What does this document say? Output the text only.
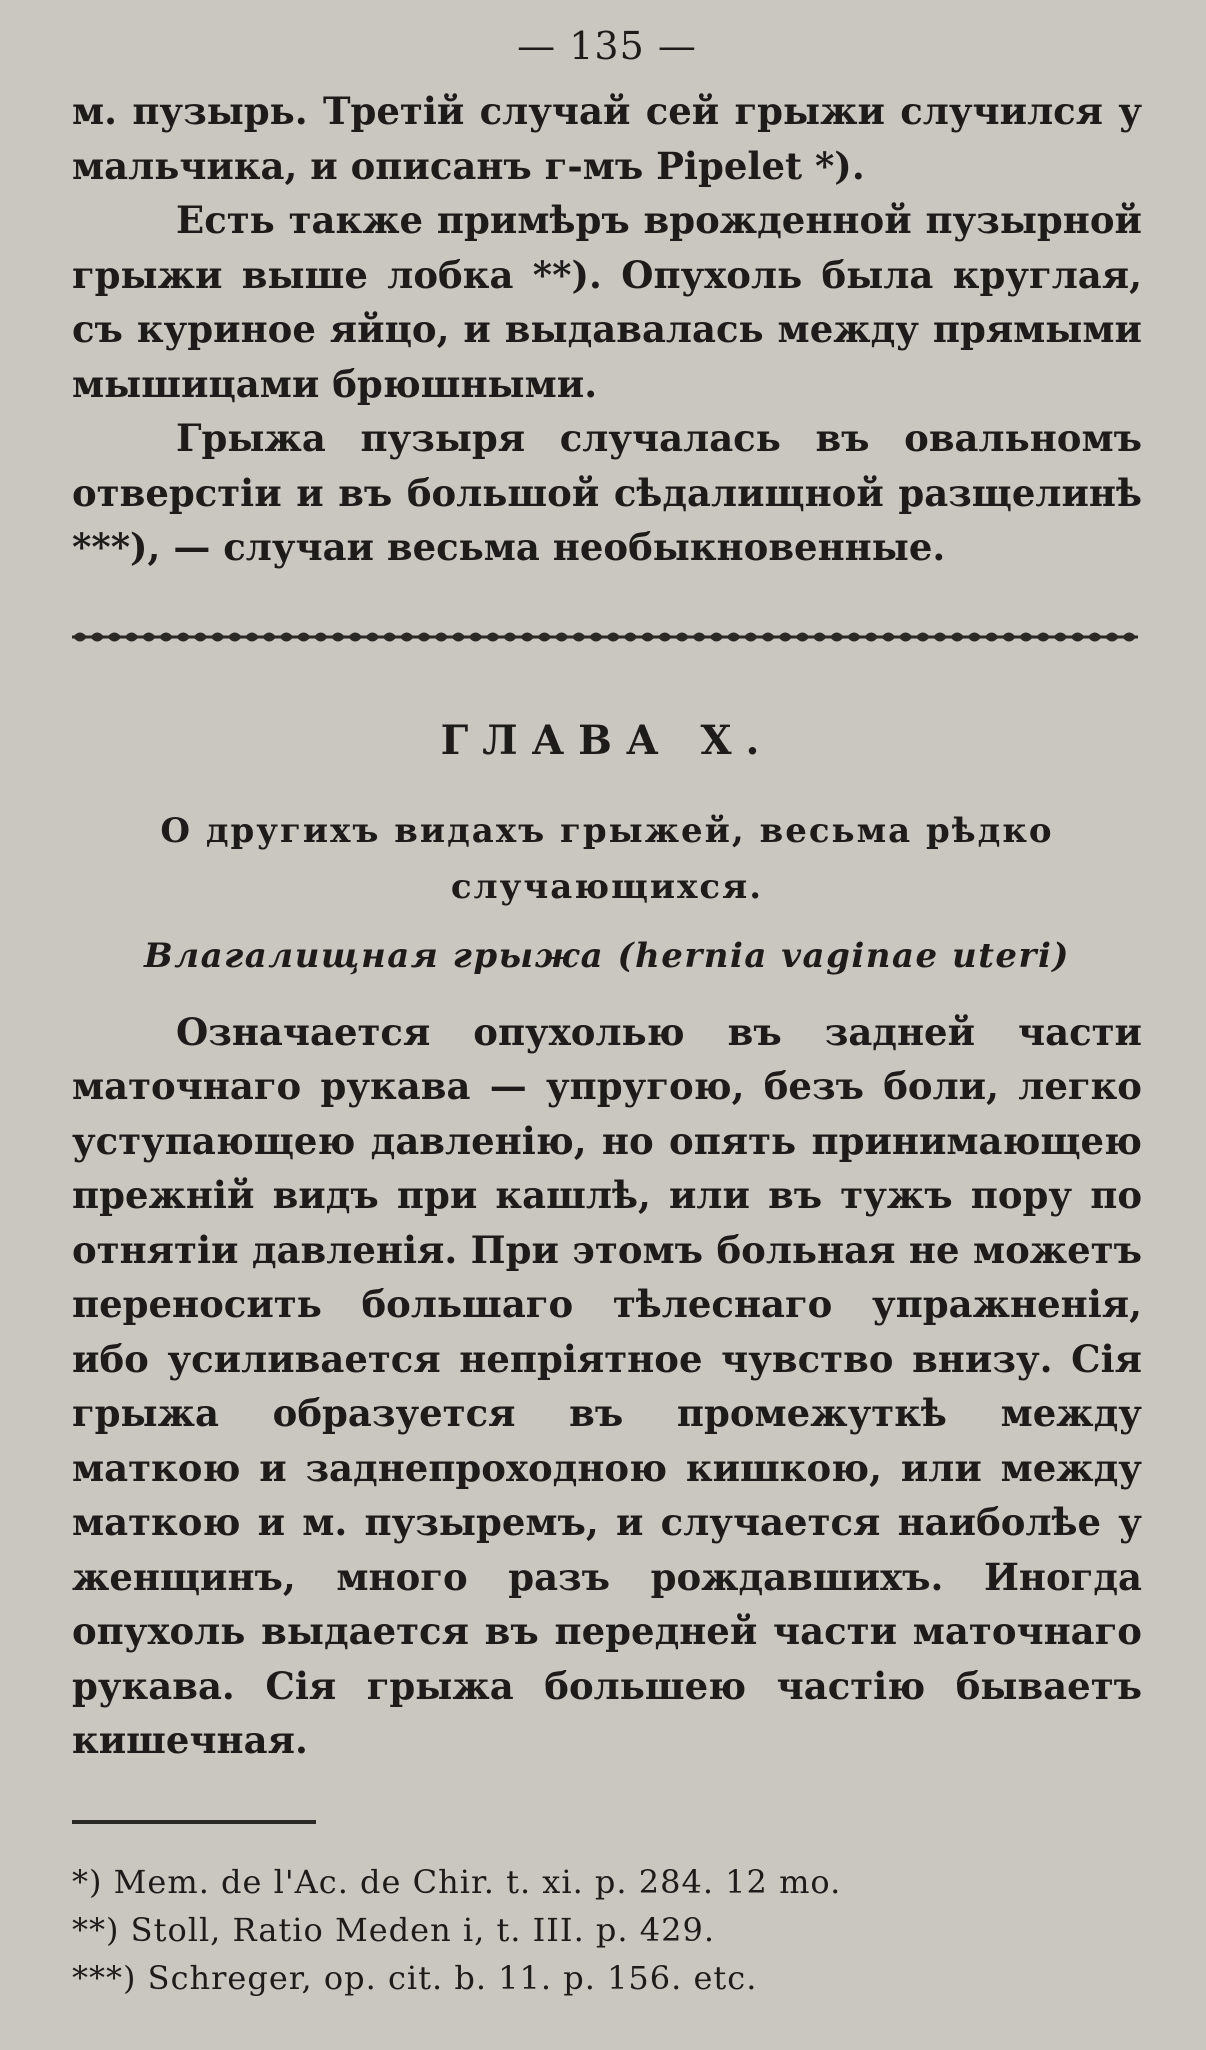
— 135 —

м. пузырь. Третій случай сей грыжи случился у мальчика, и описанъ г-мъ Pipelet *).

Есть также примѣръ врожденной пузырной грыжи выше лобка **). Опухоль была круглая, съ куриное яйцо, и выдавалась между прямыми мышицами брюшными.

Грыжа пузыря случалась въ овальномъ отверстіи и въ большой сѣдалищной разщелинѣ ***), — случаи весьма необыкновенные.

ГЛАВА X.
О другихъ видахъ грыжей, весьма рѣдко случающихся.
Влагалищная грыжа (hernia vaginae uteri)

Означается опухолью въ задней части маточнаго рукава — упругою, безъ боли, легко уступающею давленію, но опять принимающею прежній видъ при кашлѣ, или въ тужъ пору по отнятіи давленія. При этомъ больная не можетъ переносить большаго тѣлеснаго упражненія, ибо усиливается непріятное чувство внизу. Сія грыжа образуется въ промежуткѣ между маткою и заднепроходною кишкою, или между маткою и м. пузыремъ, и случается наиболѣе у женщинъ, много разъ рождавшихъ. Иногда опухоль выдается въ передней части маточнаго рукава. Сія грыжа большею частію бываетъ кишечная.

*) Mem. de l'Ac. de Chir. t. xi. p. 284. 12 mo.
**) Stoll, Ratio Meden i, t. III. p. 429.
***) Schreger, op. cit. b. 11. p. 156. etc.
